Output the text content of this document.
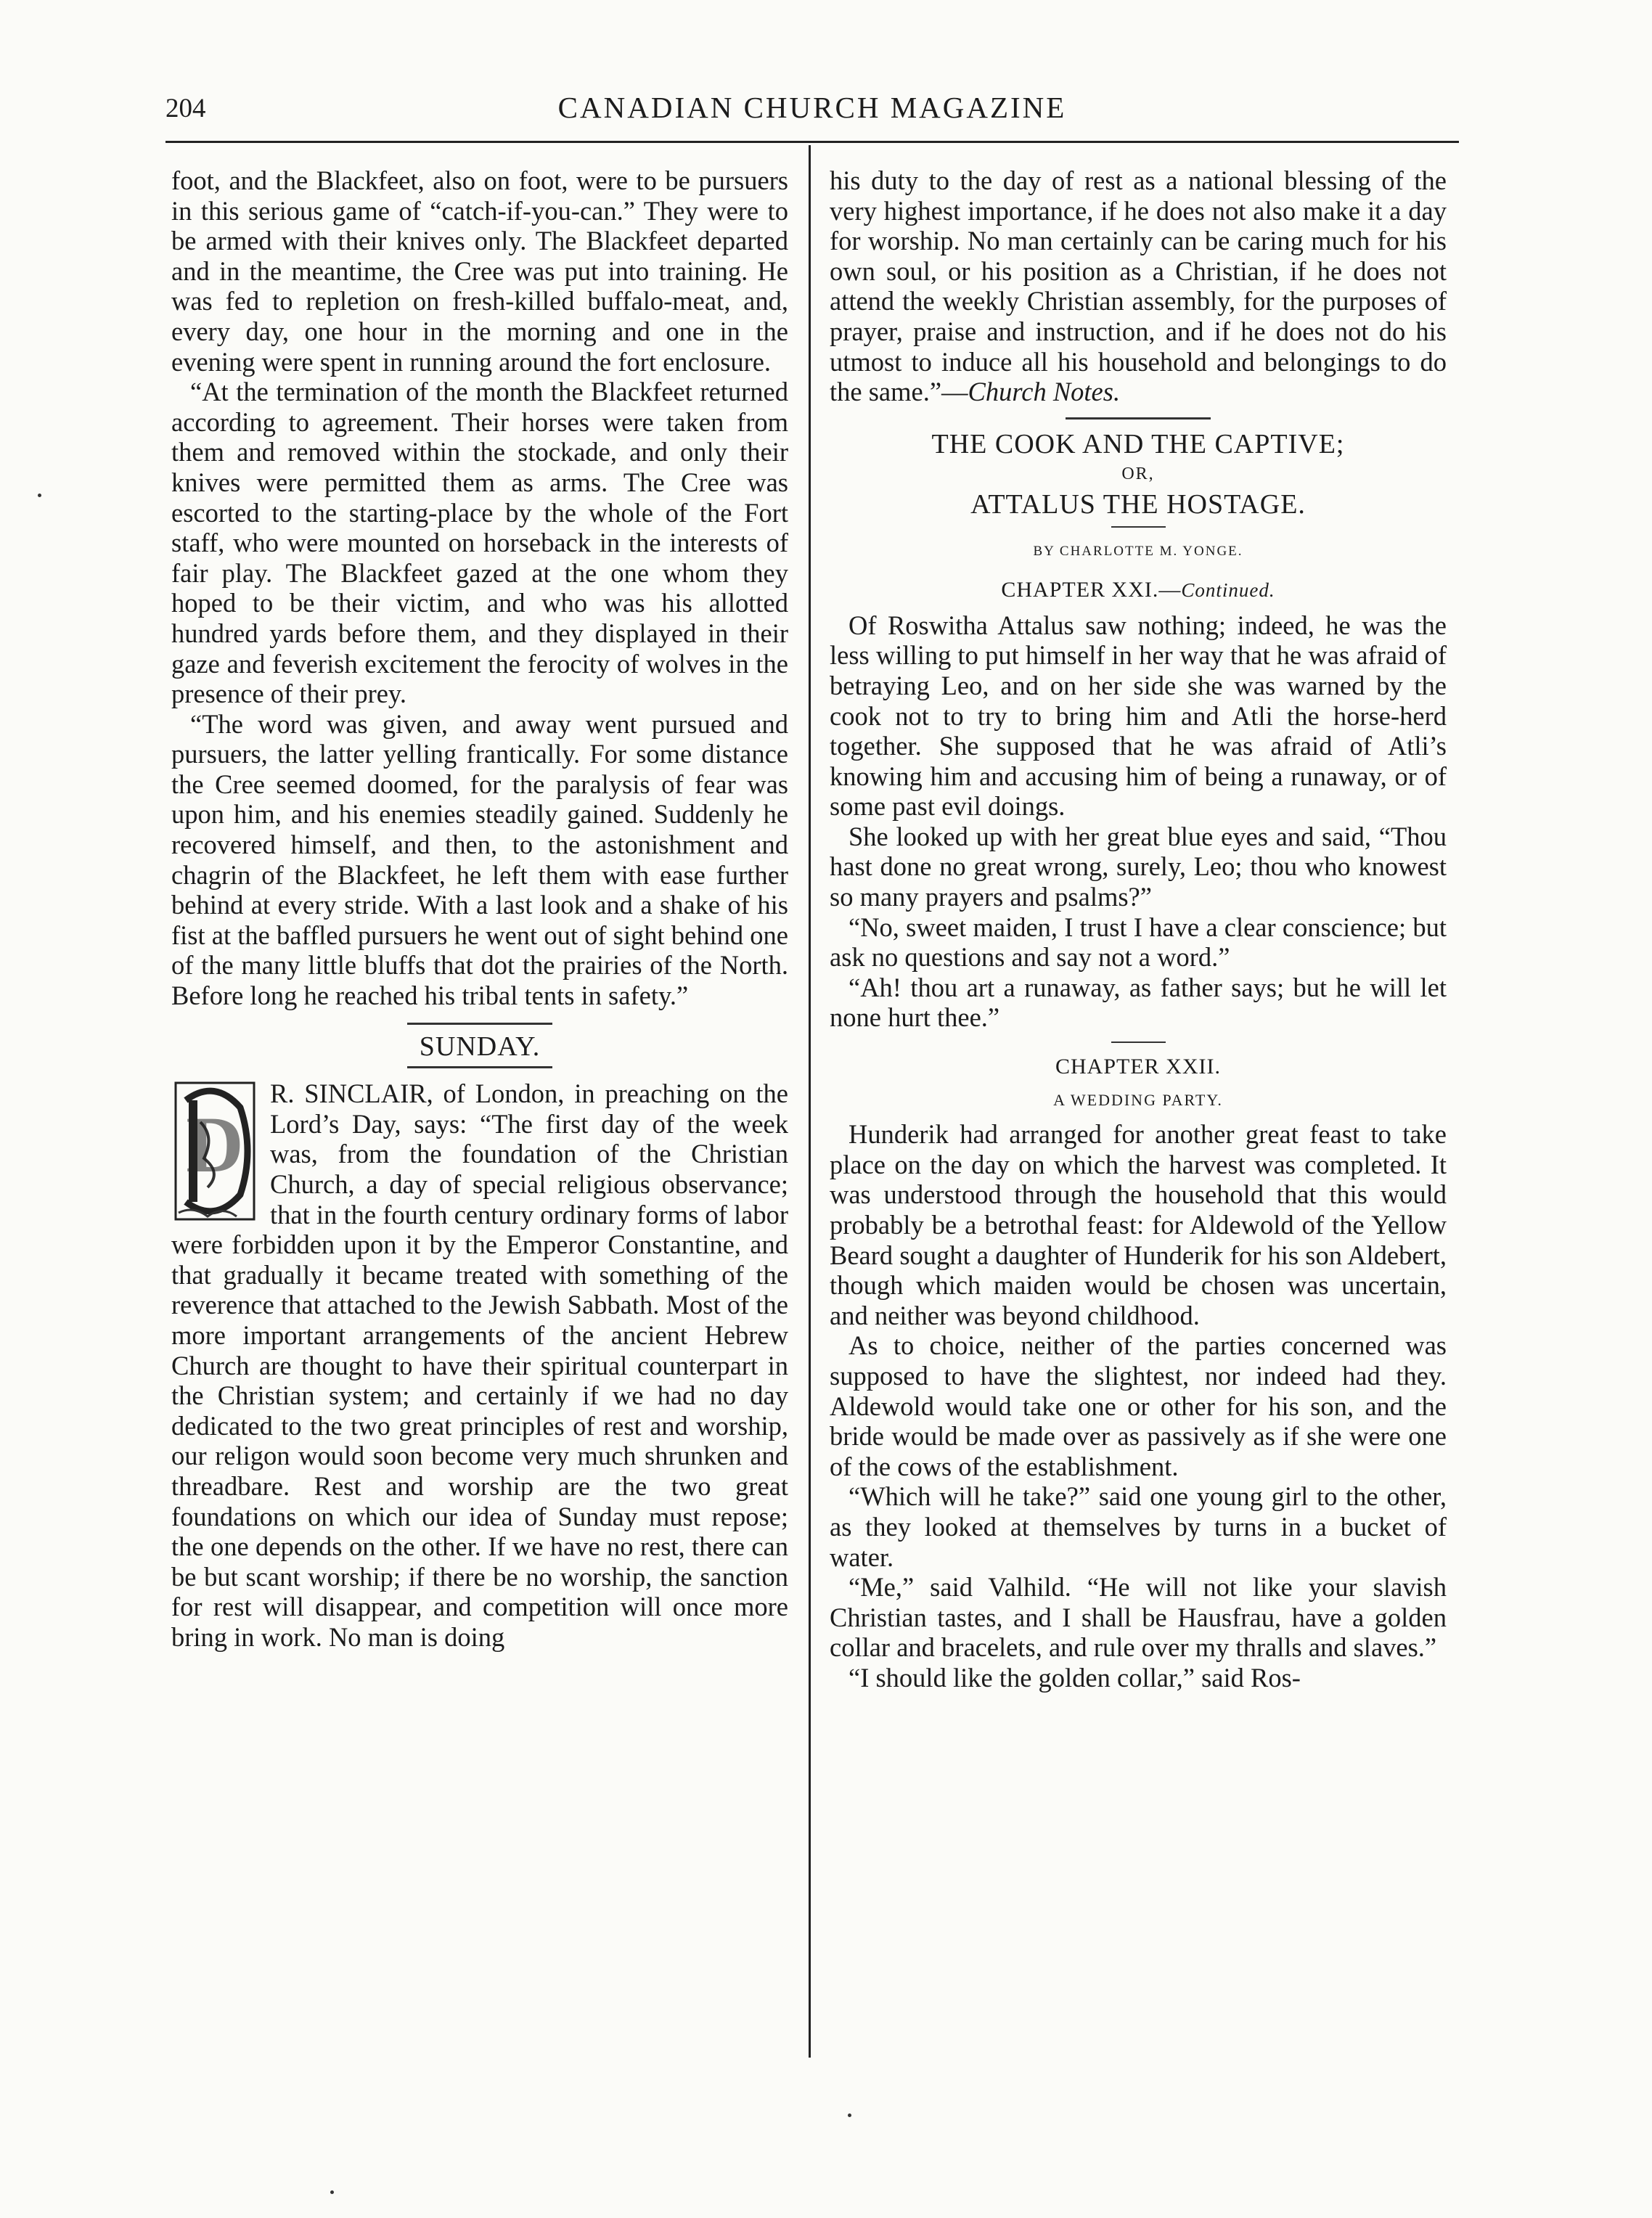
204	CANADIAN CHURCH MAGAZINE

foot, and the Blackfeet, also on foot, were to be pursuers in this serious game of “catch-if-you-can.” They were to be armed with their knives only. The Blackfeet departed and in the meantime, the Cree was put into training. He was fed to repletion on fresh-killed buffalo-meat, and, every day, one hour in the morning and one in the evening were spent in running around the fort enclosure.

“At the termination of the month the Blackfeet returned according to agreement. Their horses were taken from them and removed within the stockade, and only their knives were permitted them as arms. The Cree was escorted to the starting-place by the whole of the Fort staff, who were mounted on horseback in the interests of fair play. The Blackfeet gazed at the one whom they hoped to be their victim, and who was his allotted hundred yards before them, and they displayed in their gaze and feverish excitement the ferocity of wolves in the presence of their prey.

“The word was given, and away went pursued and pursuers, the latter yelling frantically. For some distance the Cree seemed doomed, for the paralysis of fear was upon him, and his enemies steadily gained. Suddenly he recovered himself, and then, to the astonishment and chagrin of the Blackfeet, he left them with ease further behind at every stride. With a last look and a shake of his fist at the baffled pursuers he went out of sight behind one of the many little bluffs that dot the prairies of the North. Before long he reached his tribal tents in safety.”

SUNDAY.

D

R. SINCLAIR, of London, in preaching on the Lord’s Day, says: “The first day of the week was, from the foundation of the Christian Church, a day of special religious observance; that in the fourth century ordinary forms of labor were forbidden upon it by the Emperor Constantine, and that gradually it became treated with something of the reverence that attached to the Jewish Sabbath. Most of the more important arrangements of the ancient Hebrew Church are thought to have their spiritual counterpart in the Christian system; and certainly if we had no day dedicated to the two great principles of rest and worship, our religon would soon become very much shrunken and threadbare. Rest and worship are the two great foundations on which our idea of Sunday must repose; the one depends on the other. If we have no rest, there can be but scant worship; if there be no worship, the sanction for rest will disappear, and competition will once more bring in work. No man is doing

his duty to the day of rest as a national blessing of the very highest importance, if he does not also make it a day for worship. No man certainly can be caring much for his own soul, or his position as a Christian, if he does not attend the weekly Christian assembly, for the purposes of prayer, praise and instruction, and if he does not do his utmost to induce all his household and belongings to do the same.”—Church Notes.

THE COOK AND THE CAPTIVE;

OR,

ATTALUS THE HOSTAGE.

BY CHARLOTTE M. YONGE.

CHAPTER XXI.—Continued.

Of Roswitha Attalus saw nothing; indeed, he was the less willing to put himself in her way that he was afraid of betraying Leo, and on her side she was warned by the cook not to try to bring him and Atli the horse-herd together. She supposed that he was afraid of Atli’s knowing him and accusing him of being a runaway, or of some past evil doings.

She looked up with her great blue eyes and said, “Thou hast done no great wrong, surely, Leo; thou who knowest so many prayers and psalms?”

“No, sweet maiden, I trust I have a clear conscience; but ask no questions and say not a word.”

“Ah! thou art a runaway, as father says; but he will let none hurt thee.”

CHAPTER XXII.

A WEDDING PARTY.

Hunderik had arranged for another great feast to take place on the day on which the harvest was completed. It was understood through the household that this would probably be a betrothal feast: for Aldewold of the Yellow Beard sought a daughter of Hunderik for his son Aldebert, though which maiden would be chosen was uncertain, and neither was beyond childhood.

As to choice, neither of the parties concerned was supposed to have the slightest, nor indeed had they. Aldewold would take one or other for his son, and the bride would be made over as passively as if she were one of the cows of the establishment.

“Which will he take?” said one young girl to the other, as they looked at themselves by turns in a bucket of water.

“Me,” said Valhild. “He will not like your slavish Christian tastes, and I shall be Hausfrau, have a golden collar and bracelets, and rule over my thralls and slaves.”

“I should like the golden collar,” said Ros-
